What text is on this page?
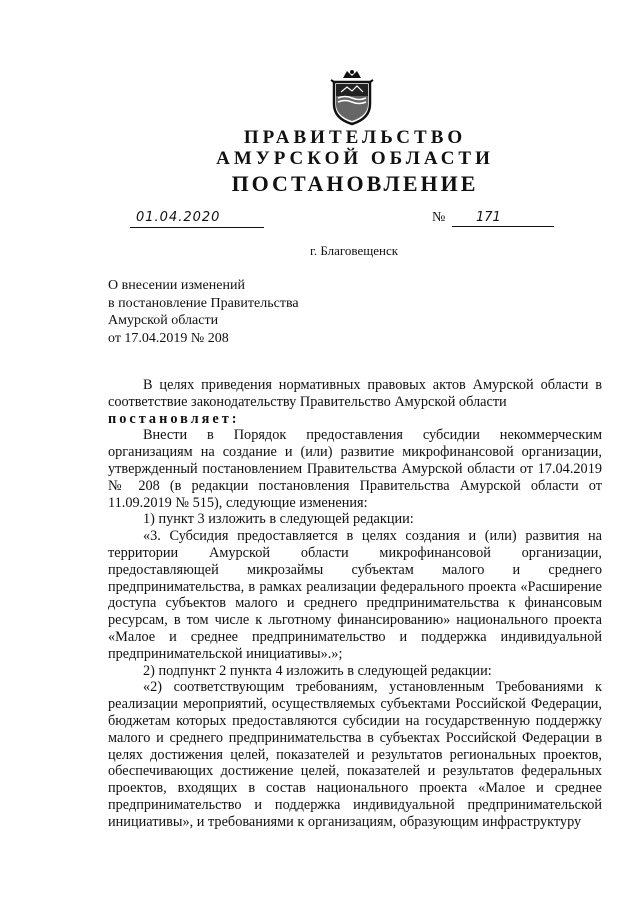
ПРАВИТЕЛЬСТВО
АМУРСКОЙ ОБЛАСТИ
ПОСТАНОВЛЕНИЕ
01.04.2020	№	171
г. Благовещенск
О внесении изменений
в постановление Правительства
Амурской области
от 17.04.2019 № 208

В целях приведения нормативных правовых актов Амурской области в соответствие законодательству Правительство Амурской области

постановляет:

Внести в Порядок предоставления субсидии некоммерческим организациям на создание и (или) развитие микрофинансовой организации, утвержденный постановлением Правительства Амурской области от 17.04.2019 № 208 (в редакции постановления Правительства Амурской области от 11.09.2019 № 515), следующие изменения:

1) пункт 3 изложить в следующей редакции:

«3. Субсидия предоставляется в целях создания и (или) развития на территории Амурской области микрофинансовой организации, предоставляющей микрозаймы субъектам малого и среднего предпринимательства, в рамках реализации федерального проекта «Расширение доступа субъектов малого и среднего предпринимательства к финансовым ресурсам, в том числе к льготному финансированию» национального проекта «Малое и среднее предпринимательство и поддержка индивидуальной предпринимательской инициативы».»;

2) подпункт 2 пункта 4 изложить в следующей редакции:

«2) соответствующим требованиям, установленным Требованиями к реализации мероприятий, осуществляемых субъектами Российской Федерации, бюджетам которых предоставляются субсидии на государственную поддержку малого и среднего предпринимательства в субъектах Российской Федерации в целях достижения целей, показателей и результатов региональных проектов, обеспечивающих достижение целей, показателей и результатов федеральных проектов, входящих в состав национального проекта «Малое и среднее предпринимательство и поддержка индивидуальной предпринимательской инициативы», и требованиями к организациям, образующим инфраструктуру
